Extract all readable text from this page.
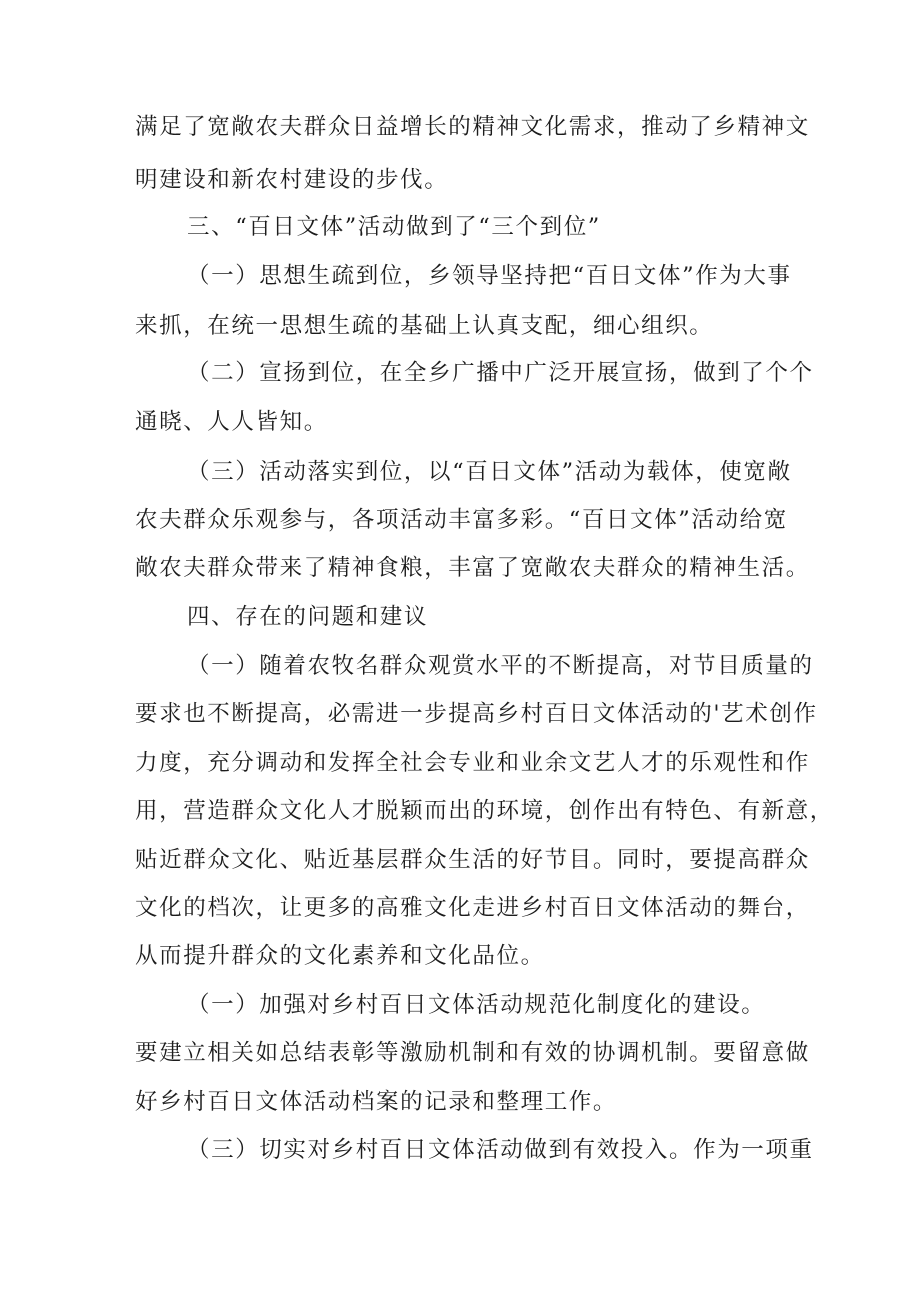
满足了宽敞农夫群众日益增长的精神文化需求，推动了乡精神文
明建设和新农村建设的步伐。
三、“百日文体”活动做到了“三个到位”
（一）思想生疏到位，乡领导坚持把“百日文体”作为大事
来抓，在统一思想生疏的基础上认真支配，细心组织。
（二）宣扬到位，在全乡广播中广泛开展宣扬，做到了个个
通晓、人人皆知。
（三）活动落实到位，以“百日文体”活动为载体，使宽敞
农夫群众乐观参与，各项活动丰富多彩。“百日文体”活动给宽
敞农夫群众带来了精神食粮，丰富了宽敞农夫群众的精神生活。
四、存在的问题和建议
（一）随着农牧名群众观赏水平的不断提高，对节目质量的
要求也不断提高，必需进一步提高乡村百日文体活动的'艺术创作
力度，充分调动和发挥全社会专业和业余文艺人才的乐观性和作
用，营造群众文化人才脱颖而出的环境，创作出有特色、有新意，
贴近群众文化、贴近基层群众生活的好节目。同时，要提高群众
文化的档次，让更多的高雅文化走进乡村百日文体活动的舞台，
从而提升群众的文化素养和文化品位。
（一）加强对乡村百日文体活动规范化制度化的建设。
要建立相关如总结表彰等激励机制和有效的协调机制。要留意做
好乡村百日文体活动档案的记录和整理工作。
（三）切实对乡村百日文体活动做到有效投入。作为一项重
